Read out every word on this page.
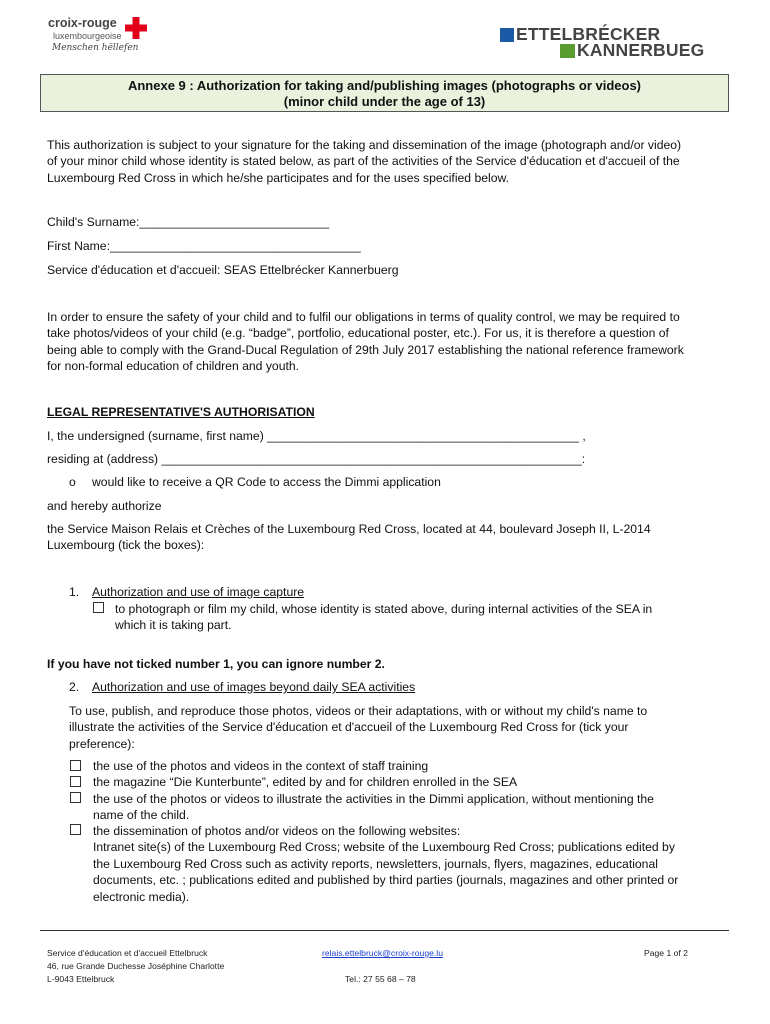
croix-rouge
luxembourgeoise
Menschen hëllefen
ETTELBRÉCKER
KANNERBUEG
Annexe 9 : Authorization for taking and/publishing images (photographs or videos)
(minor child under the age of 13)
This authorization is subject to your signature for the taking and dissemination of the image (photograph and/or video)
of your minor child whose identity is stated below, as part of the activities of the Service d'éducation et d'accueil of the
Luxembourg Red Cross in which he/she participates and for the uses specified below.
Child's Surname:____________________________
First Name:_____________________________________
Service d'éducation et d'accueil: SEAS Ettelbrécker Kannerbuerg
In order to ensure the safety of your child and to fulfil our obligations in terms of quality control, we may be required to
take photos/videos of your child (e.g. “badge”, portfolio, educational poster, etc.). For us, it is therefore a question of
being able to comply with the Grand-Ducal Regulation of 29th July 2017 establishing the national reference framework
for non-formal education of children and youth.
LEGAL REPRESENTATIVE'S AUTHORISATION
I, the undersigned (surname, first name) ______________________________________________ ,
residing at (address) ______________________________________________________________:
o would like to receive a QR Code to access the Dimmi application
and hereby authorize
the Service Maison Relais et Crèches of the Luxembourg Red Cross, located at 44, boulevard Joseph II, L-2014
Luxembourg (tick the boxes):
1. Authorization and use of image capture
to photograph or film my child, whose identity is stated above, during internal activities of the SEA in
which it is taking part.
If you have not ticked number 1, you can ignore number 2.
2. Authorization and use of images beyond daily SEA activities
To use, publish, and reproduce those photos, videos or their adaptations, with or without my child's name to
illustrate the activities of the Service d'éducation et d'accueil of the Luxembourg Red Cross for (tick your
preference):
the use of the photos and videos in the context of staff training
the magazine “Die Kunterbunte”, edited by and for children enrolled in the SEA
the use of the photos or videos to illustrate the activities in the Dimmi application, without mentioning the
name of the child.
the dissemination of photos and/or videos on the following websites:
Intranet site(s) of the Luxembourg Red Cross; website of the Luxembourg Red Cross; publications edited by
the Luxembourg Red Cross such as activity reports, newsletters, journals, flyers, magazines, educational
documents, etc. ; publications edited and published by third parties (journals, magazines and other printed or
electronic media).
Service d'éducation et d'accueil Ettelbruck
46, rue Grande Duchesse Joséphine Charlotte
L-9043 Ettelbruck
relais.ettelbruck@croix-rouge.lu
Tel.: 27 55 68 – 78
Page 1 of 2
